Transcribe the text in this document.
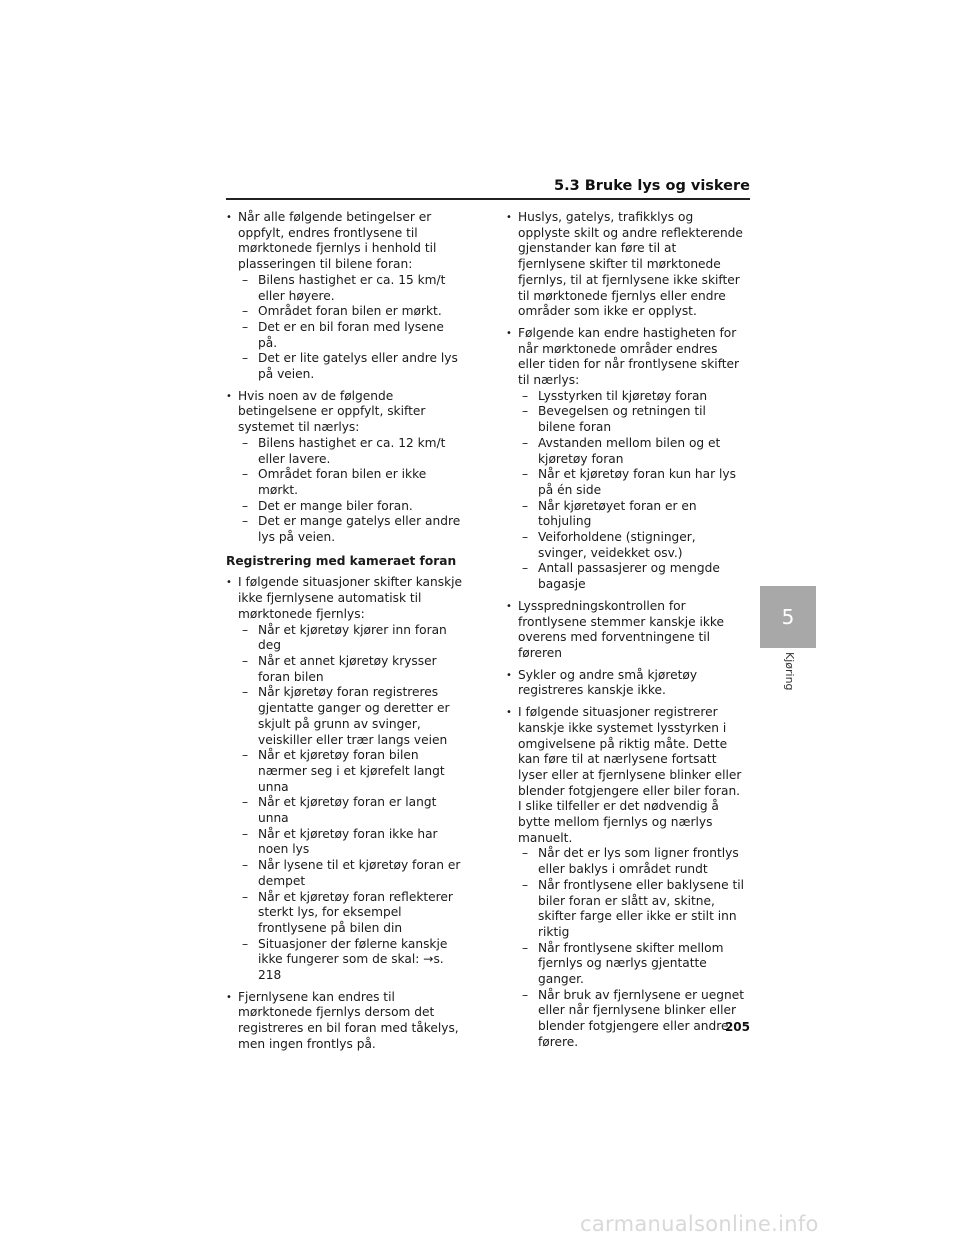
5.3 Bruke lys og viskere
• Når alle følgende betingelser er oppfylt, endres frontlysene til mørktonede fjernlys i henhold til plasseringen til bilene foran:
– Bilens hastighet er ca. 15 km/t eller høyere.
– Området foran bilen er mørkt.
– Det er en bil foran med lysene på.
– Det er lite gatelys eller andre lys på veien.
• Hvis noen av de følgende betingelsene er oppfylt, skifter systemet til nærlys:
– Bilens hastighet er ca. 12 km/t eller lavere.
– Området foran bilen er ikke mørkt.
– Det er mange biler foran.
– Det er mange gatelys eller andre lys på veien.
Registrering med kameraet foran
• I følgende situasjoner skifter kanskje ikke fjernlysene automatisk til mørktonede fjernlys:
– Når et kjøretøy kjører inn foran deg
– Når et annet kjøretøy krysser foran bilen
– Når kjøretøy foran registreres gjentatte ganger og deretter er skjult på grunn av svinger, veiskiller eller trær langs veien
– Når et kjøretøy foran bilen nærmer seg i et kjørefelt langt unna
– Når et kjøretøy foran er langt unna
– Når et kjøretøy foran ikke har noen lys
– Når lysene til et kjøretøy foran er dempet
– Når et kjøretøy foran reflekterer sterkt lys, for eksempel frontlysene på bilen din
– Situasjoner der følerne kanskje ikke fungerer som de skal: →s. 218
• Fjernlysene kan endres til mørktonede fjernlys dersom det registreres en bil foran med tåkelys, men ingen frontlys på.
• Huslys, gatelys, trafikklys og opplyste skilt og andre reflekterende gjenstander kan føre til at fjernlysene skifter til mørktonede fjernlys, til at fjernlysene ikke skifter til mørktonede fjernlys eller endre områder som ikke er opplyst.
• Følgende kan endre hastigheten for når mørktonede områder endres eller tiden for når frontlysene skifter til nærlys:
– Lysstyrken til kjøretøy foran
– Bevegelsen og retningen til bilene foran
– Avstanden mellom bilen og et kjøretøy foran
– Når et kjøretøy foran kun har lys på én side
– Når kjøretøyet foran er en tohjuling
– Veiforholdene (stigninger, svinger, veidekket osv.)
– Antall passasjerer og mengde bagasje
• Lysspredningskontrollen for frontlysene stemmer kanskje ikke overens med forventningene til føreren
• Sykler og andre små kjøretøy registreres kanskje ikke.
• I følgende situasjoner registrerer kanskje ikke systemet lysstyrken i omgivelsene på riktig måte. Dette kan føre til at nærlysene fortsatt lyser eller at fjernlysene blinker eller blender fotgjengere eller biler foran. I slike tilfeller er det nødvendig å bytte mellom fjernlys og nærlys manuelt.
– Når det er lys som ligner frontlys eller baklys i området rundt
– Når frontlysene eller baklysene til biler foran er slått av, skitne, skifter farge eller ikke er stilt inn riktig
– Når frontlysene skifter mellom fjernlys og nærlys gjentatte ganger.
– Når bruk av fjernlysene er uegnet eller når fjernlysene blinker eller blender fotgjengere eller andre førere.
5
Kjøring
205
carmanualsonline.info
